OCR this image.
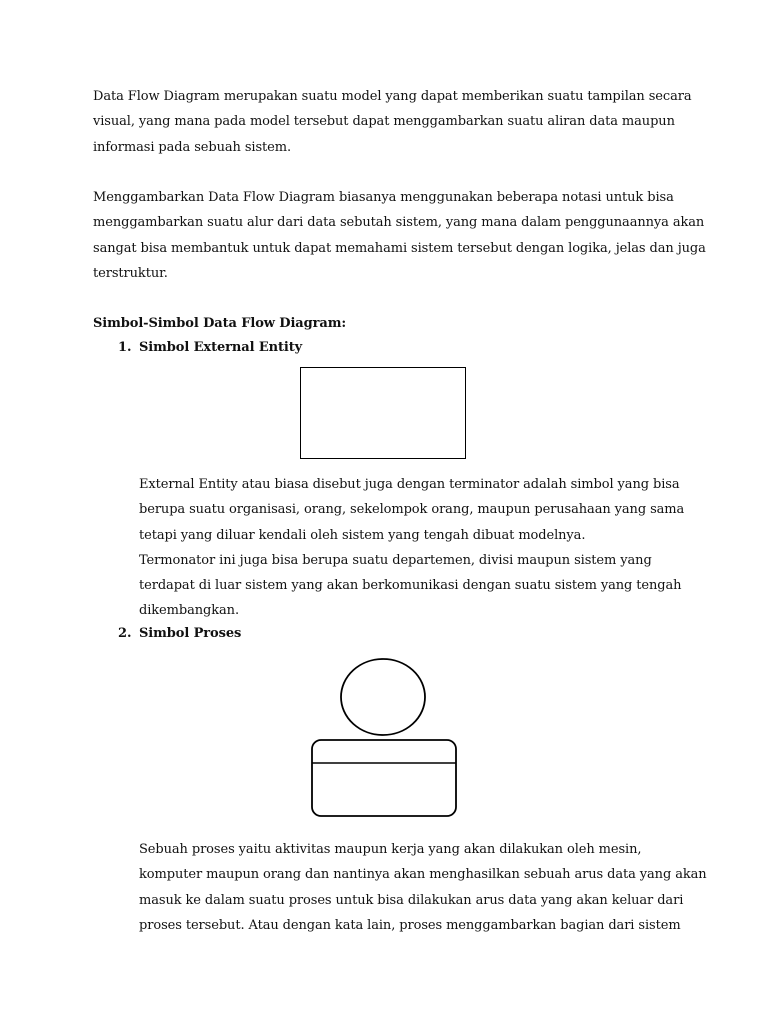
Data Flow Diagram merupakan suatu model yang dapat memberikan suatu tampilan secara
visual, yang mana pada model tersebut dapat menggambarkan suatu aliran data maupun
informasi pada sebuah sistem.
Menggambarkan Data Flow Diagram biasanya menggunakan beberapa notasi untuk bisa
menggambarkan suatu alur dari data sebutah sistem, yang mana dalam penggunaannya akan
sangat bisa membantuk untuk dapat memahami sistem tersebut dengan logika, jelas dan juga
terstruktur.
Simbol-Simbol Data Flow Diagram:
1. Simbol External Entity
External Entity atau biasa disebut juga dengan terminator adalah simbol yang bisa
berupa suatu organisasi, orang, sekelompok orang, maupun perusahaan yang sama
tetapi yang diluar kendali oleh sistem yang tengah dibuat modelnya.
Termonator ini juga bisa berupa suatu departemen, divisi maupun sistem yang
terdapat di luar sistem yang akan berkomunikasi dengan suatu sistem yang tengah
dikembangkan.
2. Simbol Proses
Sebuah proses yaitu aktivitas maupun kerja yang akan dilakukan oleh mesin,
komputer maupun orang dan nantinya akan menghasilkan sebuah arus data yang akan
masuk ke dalam suatu proses untuk bisa dilakukan arus data yang akan keluar dari
proses tersebut. Atau dengan kata lain, proses menggambarkan bagian dari sistem
